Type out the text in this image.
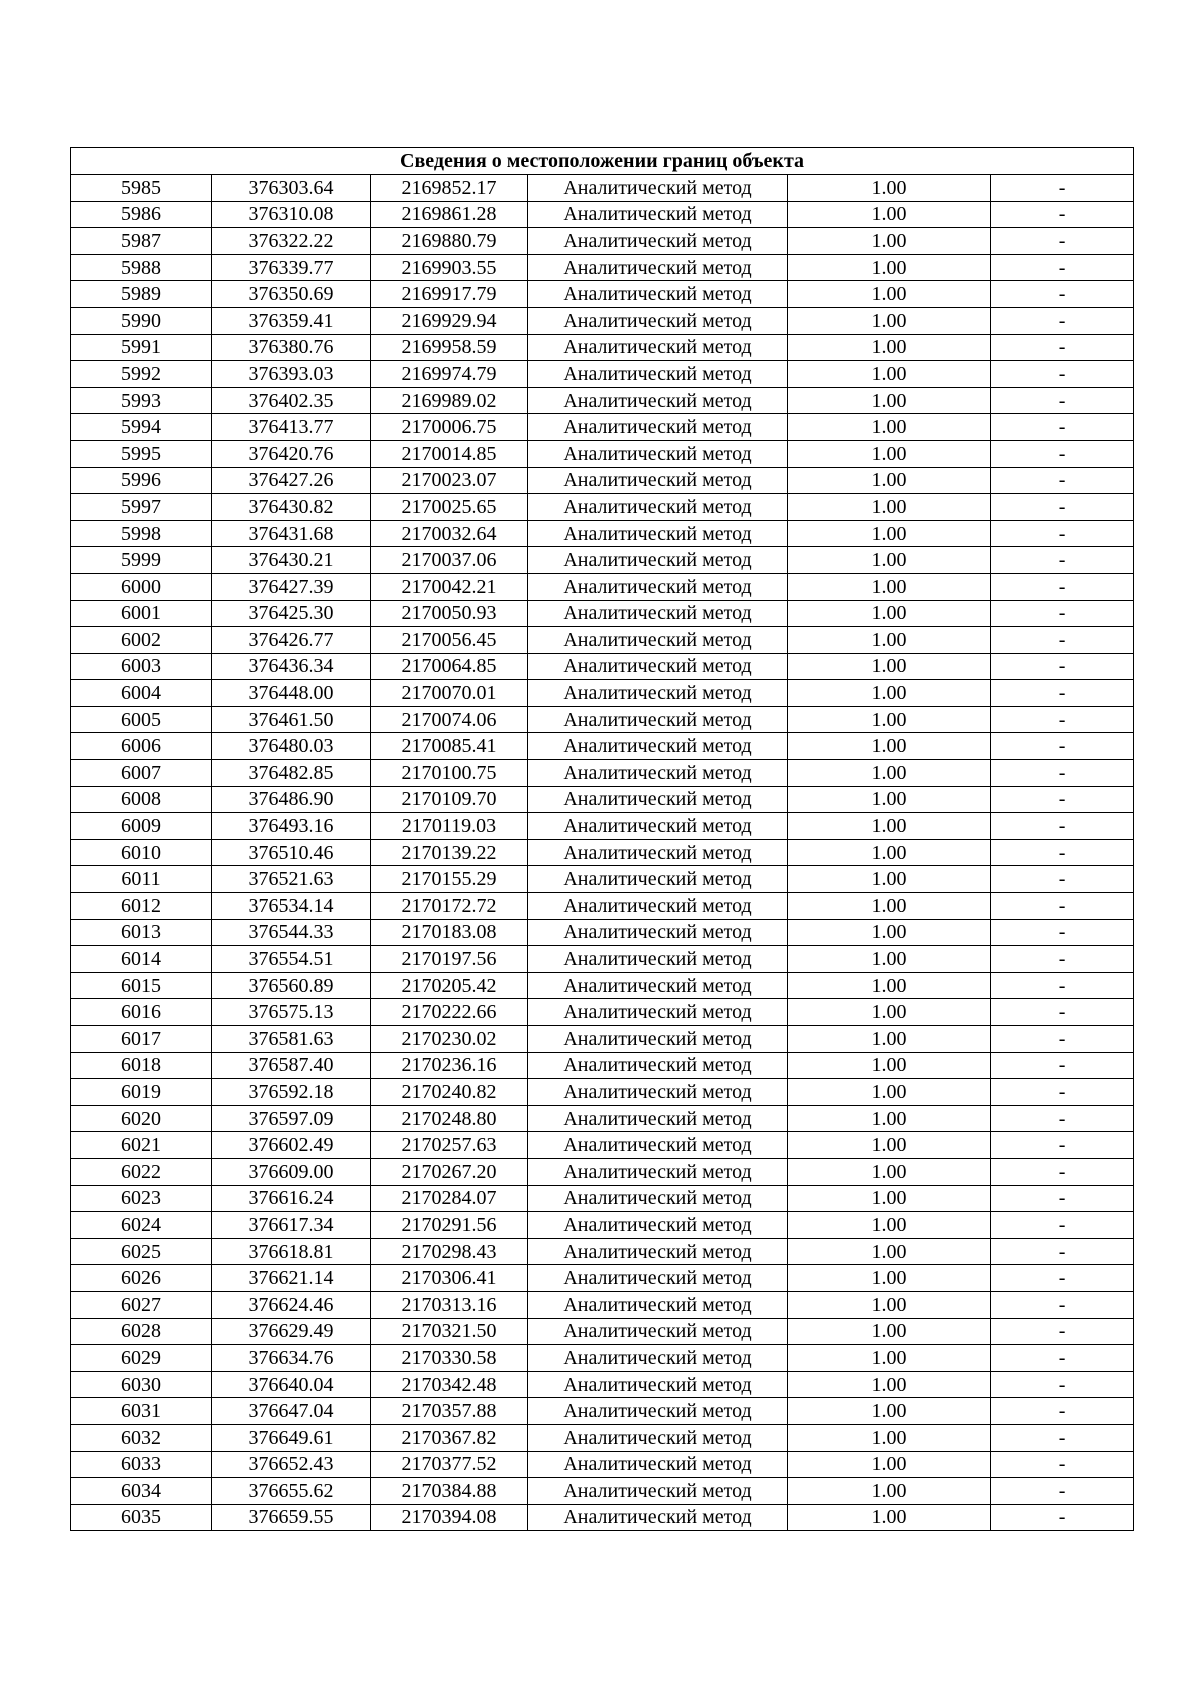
Сведения о местоположении границ объекта					
5985	376303.64	2169852.17	Аналитический метод	1.00	-
5986	376310.08	2169861.28	Аналитический метод	1.00	-
5987	376322.22	2169880.79	Аналитический метод	1.00	-
5988	376339.77	2169903.55	Аналитический метод	1.00	-
5989	376350.69	2169917.79	Аналитический метод	1.00	-
5990	376359.41	2169929.94	Аналитический метод	1.00	-
5991	376380.76	2169958.59	Аналитический метод	1.00	-
5992	376393.03	2169974.79	Аналитический метод	1.00	-
5993	376402.35	2169989.02	Аналитический метод	1.00	-
5994	376413.77	2170006.75	Аналитический метод	1.00	-
5995	376420.76	2170014.85	Аналитический метод	1.00	-
5996	376427.26	2170023.07	Аналитический метод	1.00	-
5997	376430.82	2170025.65	Аналитический метод	1.00	-
5998	376431.68	2170032.64	Аналитический метод	1.00	-
5999	376430.21	2170037.06	Аналитический метод	1.00	-
6000	376427.39	2170042.21	Аналитический метод	1.00	-
6001	376425.30	2170050.93	Аналитический метод	1.00	-
6002	376426.77	2170056.45	Аналитический метод	1.00	-
6003	376436.34	2170064.85	Аналитический метод	1.00	-
6004	376448.00	2170070.01	Аналитический метод	1.00	-
6005	376461.50	2170074.06	Аналитический метод	1.00	-
6006	376480.03	2170085.41	Аналитический метод	1.00	-
6007	376482.85	2170100.75	Аналитический метод	1.00	-
6008	376486.90	2170109.70	Аналитический метод	1.00	-
6009	376493.16	2170119.03	Аналитический метод	1.00	-
6010	376510.46	2170139.22	Аналитический метод	1.00	-
6011	376521.63	2170155.29	Аналитический метод	1.00	-
6012	376534.14	2170172.72	Аналитический метод	1.00	-
6013	376544.33	2170183.08	Аналитический метод	1.00	-
6014	376554.51	2170197.56	Аналитический метод	1.00	-
6015	376560.89	2170205.42	Аналитический метод	1.00	-
6016	376575.13	2170222.66	Аналитический метод	1.00	-
6017	376581.63	2170230.02	Аналитический метод	1.00	-
6018	376587.40	2170236.16	Аналитический метод	1.00	-
6019	376592.18	2170240.82	Аналитический метод	1.00	-
6020	376597.09	2170248.80	Аналитический метод	1.00	-
6021	376602.49	2170257.63	Аналитический метод	1.00	-
6022	376609.00	2170267.20	Аналитический метод	1.00	-
6023	376616.24	2170284.07	Аналитический метод	1.00	-
6024	376617.34	2170291.56	Аналитический метод	1.00	-
6025	376618.81	2170298.43	Аналитический метод	1.00	-
6026	376621.14	2170306.41	Аналитический метод	1.00	-
6027	376624.46	2170313.16	Аналитический метод	1.00	-
6028	376629.49	2170321.50	Аналитический метод	1.00	-
6029	376634.76	2170330.58	Аналитический метод	1.00	-
6030	376640.04	2170342.48	Аналитический метод	1.00	-
6031	376647.04	2170357.88	Аналитический метод	1.00	-
6032	376649.61	2170367.82	Аналитический метод	1.00	-
6033	376652.43	2170377.52	Аналитический метод	1.00	-
6034	376655.62	2170384.88	Аналитический метод	1.00	-
6035	376659.55	2170394.08	Аналитический метод	1.00	-
